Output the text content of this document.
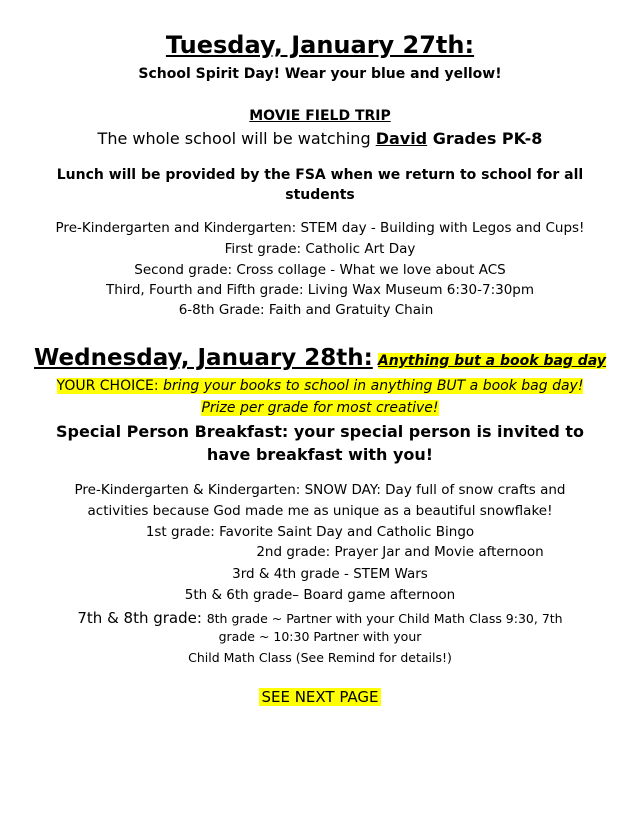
Tuesday, January 27th:
School Spirit Day! Wear your blue and yellow!
MOVIE FIELD TRIP
The whole school will be watching David Grades PK-8
Lunch will be provided by the FSA when we return to school for all
students
Pre-Kindergarten and Kindergarten: STEM day - Building with Legos and Cups!
First grade: Catholic Art Day
Second grade: Cross collage - What we love about ACS
Third, Fourth and Fifth grade: Living Wax Museum 6:30-7:30pm
6-8th Grade: Faith and Gratuity Chain
Wednesday, January 28th: Anything but a book bag day
YOUR CHOICE: bring your books to school in anything BUT a book bag day!
Prize per grade for most creative!
Special Person Breakfast: your special person is invited to
have breakfast with you!
Pre-Kindergarten & Kindergarten: SNOW DAY: Day full of snow crafts and
activities because God made me as unique as a beautiful snowflake!
1st grade: Favorite Saint Day and Catholic Bingo
2nd grade: Prayer Jar and Movie afternoon
3rd & 4th grade - STEM Wars
5th & 6th grade– Board game afternoon
7th & 8th grade: 8th grade ~ Partner with your Child Math Class 9:30, 7th
grade ~ 10:30 Partner with your
Child Math Class (See Remind for details!)
SEE NEXT PAGE
